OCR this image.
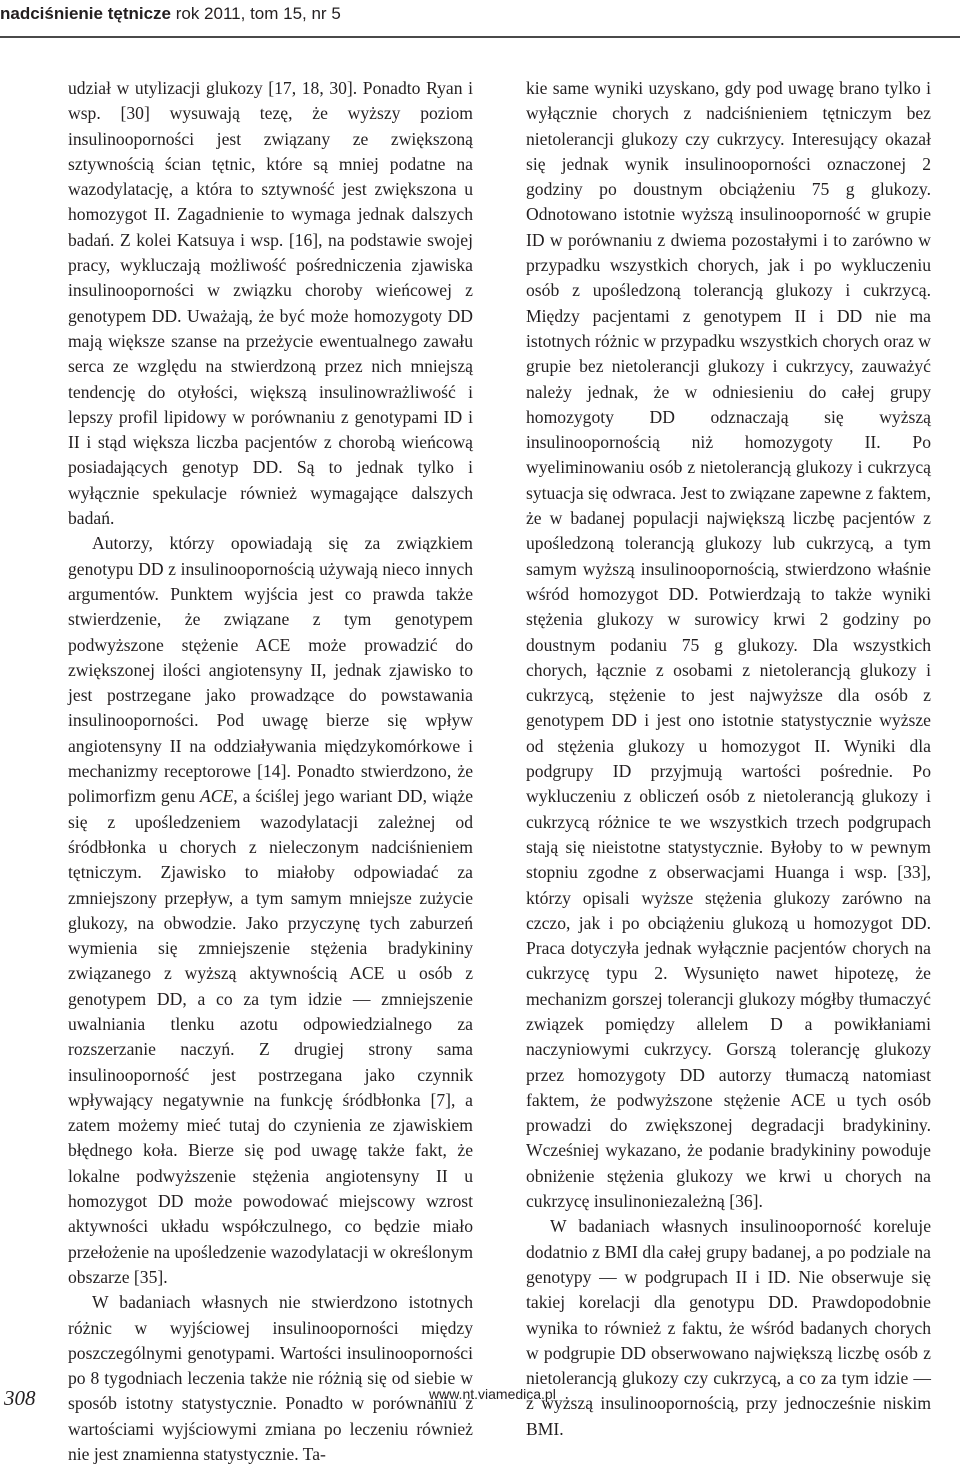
nadciśnienie tętnicze rok 2011, tom 15, nr 5

udział w utylizacji glukozy [17, 18, 30]. Ponadto Ryan i wsp. [30] wysuwają tezę, że wyższy poziom insulinooporności jest związany ze zwiększoną sztywnością ścian tętnic, które są mniej podatne na wazodylatację, a która to sztywność jest zwiększona u homozygot II. Zagadnienie to wymaga jednak dalszych badań. Z kolei Katsuya i wsp. [16], na podstawie swojej pracy, wykluczają możliwość pośredniczenia zjawiska insulinooporności w związku choroby wieńcowej z genotypem DD. Uważają, że być może homozygoty DD mają większe szanse na przeżycie ewentualnego zawału serca ze względu na stwierdzoną przez nich mniejszą tendencję do otyłości, większą insulinowrażliwość i lepszy profil lipidowy w porównaniu z genotypami ID i II i stąd większa liczba pacjentów z chorobą wieńcową posiadających genotyp DD. Są to jednak tylko i wyłącznie spekulacje również wymagające dalszych badań.

Autorzy, którzy opowiadają się za związkiem genotypu DD z insulinoopornością używają nieco innych argumentów. Punktem wyjścia jest co prawda także stwierdzenie, że związane z tym genotypem podwyższone stężenie ACE może prowadzić do zwiększonej ilości angiotensyny II, jednak zjawisko to jest postrzegane jako prowadzące do powstawania insulinooporności. Pod uwagę bierze się wpływ angiotensyny II na oddziaływania międzykomórkowe i mechanizmy receptorowe [14]. Ponadto stwierdzono, że polimorfizm genu ACE, a ściślej jego wariant DD, wiąże się z upośledzeniem wazodylatacji zależnej od śródbłonka u chorych z nieleczonym nadciśnieniem tętniczym. Zjawisko to miałoby odpowiadać za zmniejszony przepływ, a tym samym mniejsze zużycie glukozy, na obwodzie. Jako przyczynę tych zaburzeń wymienia się zmniejszenie stężenia bradykininy związanego z wyższą aktywnością ACE u osób z genotypem DD, a co za tym idzie — zmniejszenie uwalniania tlenku azotu odpowiedzialnego za rozszerzanie naczyń. Z drugiej strony sama insulinooporność jest postrzegana jako czynnik wpływający negatywnie na funkcję śródbłonka [7], a zatem możemy mieć tutaj do czynienia ze zjawiskiem błędnego koła. Bierze się pod uwagę także fakt, że lokalne podwyższenie stężenia angiotensyny II u homozygot DD może powodować miejscowy wzrost aktywności układu współczulnego, co będzie miało przełożenie na upośledzenie wazodylatacji w określonym obszarze [35].

W badaniach własnych nie stwierdzono istotnych różnic w wyjściowej insulinooporności między poszczególnymi genotypami. Wartości insulinooporności po 8 tygodniach leczenia także nie różnią się od siebie w sposób istotny statystycznie. Ponadto w porównaniu z wartościami wyjściowymi zmiana po leczeniu również nie jest znamienna statystycznie. Ta-

kie same wyniki uzyskano, gdy pod uwagę brano tylko i wyłącznie chorych z nadciśnieniem tętniczym bez nietolerancji glukozy czy cukrzycy. Interesujący okazał się jednak wynik insulinooporności oznaczonej 2 godziny po doustnym obciążeniu 75 g glukozy. Odnotowano istotnie wyższą insulinooporność w grupie ID w porównaniu z dwiema pozostałymi i to zarówno w przypadku wszystkich chorych, jak i po wykluczeniu osób z upośledzoną tolerancją glukozy i cukrzycą. Między pacjentami z genotypem II i DD nie ma istotnych różnic w przypadku wszystkich chorych oraz w grupie bez nietolerancji glukozy i cukrzycy, zauważyć należy jednak, że w odniesieniu do całej grupy homozygoty DD odznaczają się wyższą insulinoopornością niż homozygoty II. Po wyeliminowaniu osób z nietolerancją glukozy i cukrzycą sytuacja się odwraca. Jest to związane zapewne z faktem, że w badanej populacji największą liczbę pacjentów z upośledzoną tolerancją glukozy lub cukrzycą, a tym samym wyższą insulinoopornością, stwierdzono właśnie wśród homozygot DD. Potwierdzają to także wyniki stężenia glukozy w surowicy krwi 2 godziny po doustnym podaniu 75 g glukozy. Dla wszystkich chorych, łącznie z osobami z nietolerancją glukozy i cukrzycą, stężenie to jest najwyższe dla osób z genotypem DD i jest ono istotnie statystycznie wyższe od stężenia glukozy u homozygot II. Wyniki dla podgrupy ID przyjmują wartości pośrednie. Po wykluczeniu z obliczeń osób z nietolerancją glukozy i cukrzycą różnice te we wszystkich trzech podgrupach stają się nieistotne statystycznie. Byłoby to w pewnym stopniu zgodne z obserwacjami Huanga i wsp. [33], którzy opisali wyższe stężenia glukozy zarówno na czczo, jak i po obciążeniu glukozą u homozygot DD. Praca dotyczyła jednak wyłącznie pacjentów chorych na cukrzycę typu 2. Wysunięto nawet hipotezę, że mechanizm gorszej tolerancji glukozy mógłby tłumaczyć związek pomiędzy allelem D a powikłaniami naczyniowymi cukrzycy. Gorszą tolerancję glukozy przez homozygoty DD autorzy tłumaczą natomiast faktem, że podwyższone stężenie ACE u tych osób prowadzi do zwiększonej degradacji bradykininy. Wcześniej wykazano, że podanie bradykininy powoduje obniżenie stężenia glukozy we krwi u chorych na cukrzycę insulinoniezależną [36].

W badaniach własnych insulinooporność koreluje dodatnio z BMI dla całej grupy badanej, a po podziale na genotypy — w podgrupach II i ID. Nie obserwuje się takiej korelacji dla genotypu DD. Prawdopodobnie wynika to również z faktu, że wśród badanych chorych w podgrupie DD obserwowano największą liczbę osób z nietolerancją glukozy czy cukrzycą, a co za tym idzie — z wyższą insulinoopornością, przy jednocześnie niskim BMI.

308	www.nt.viamedica.pl
